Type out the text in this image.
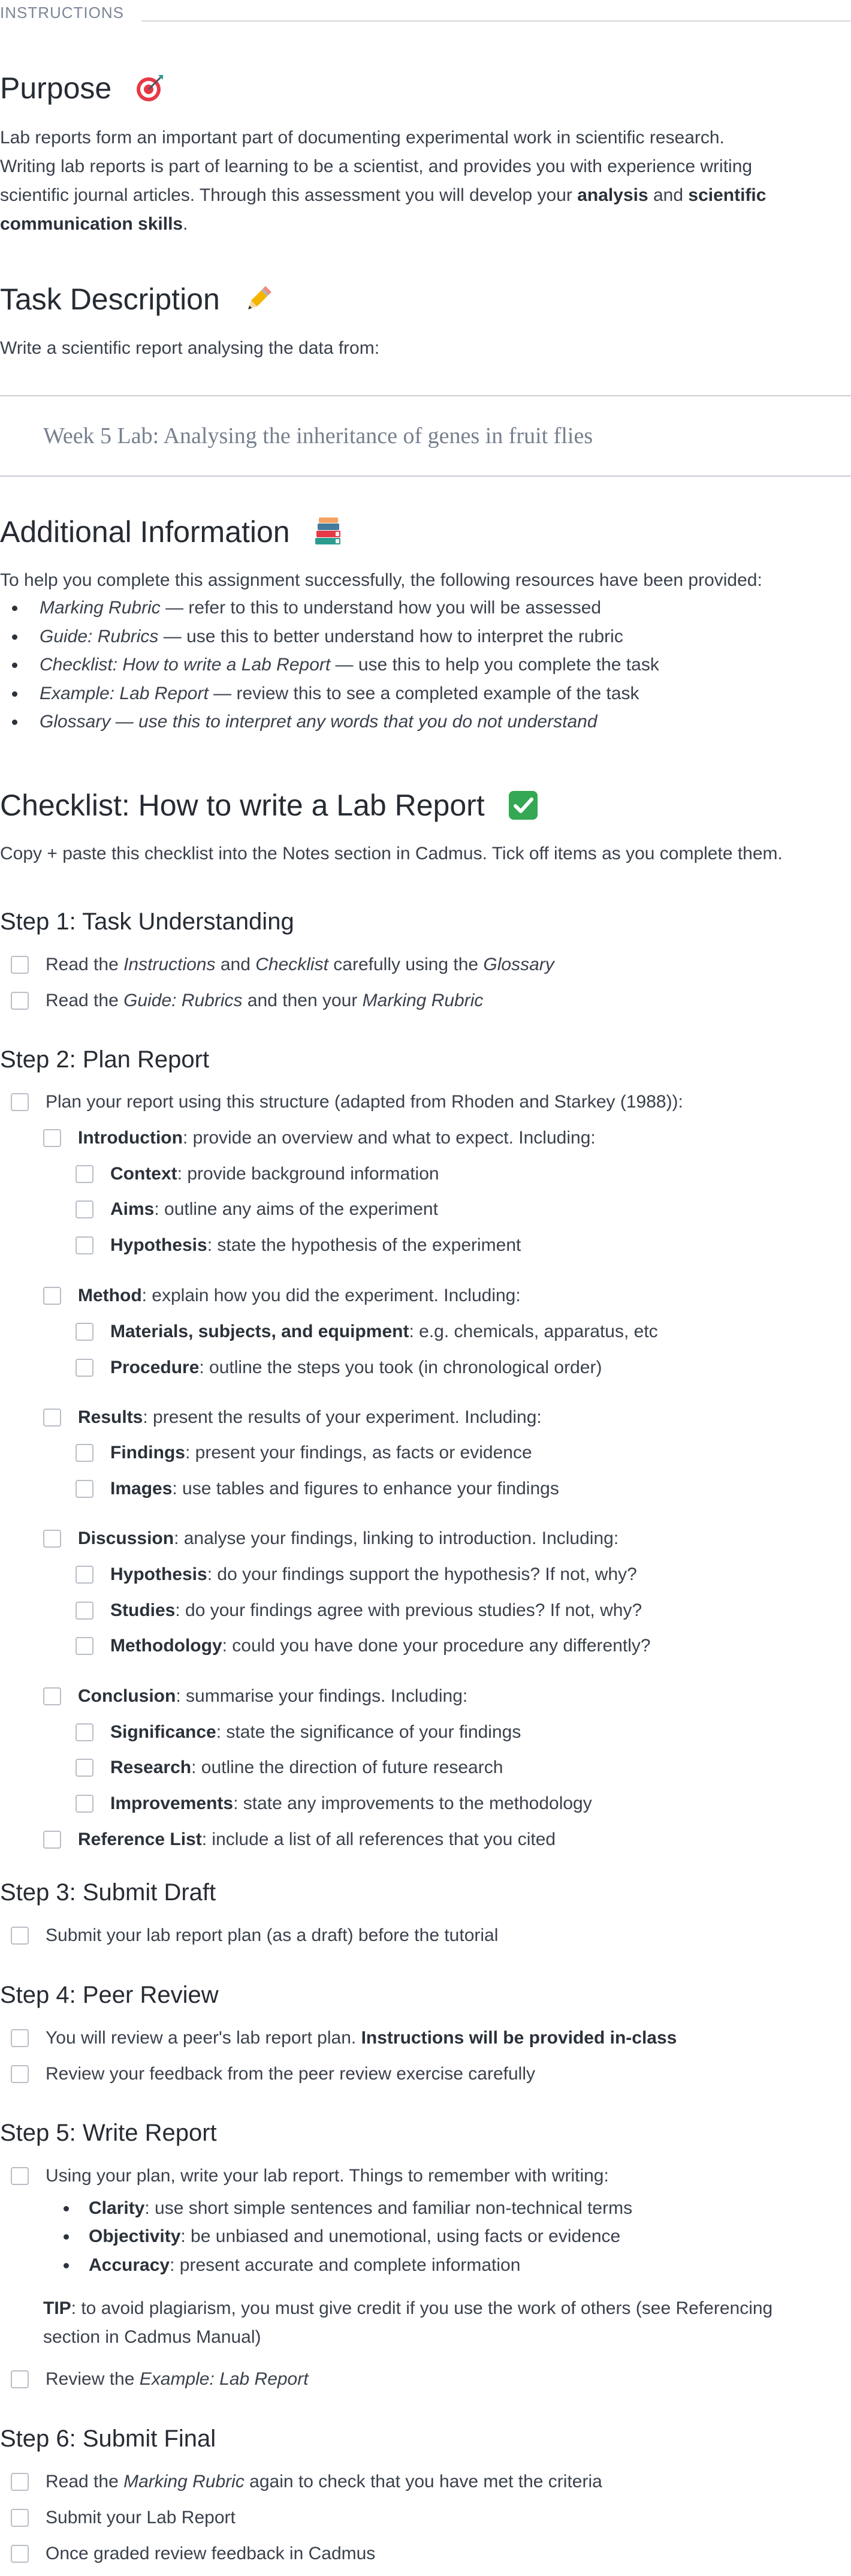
INSTRUCTIONS
Purpose

Lab reports form an important part of documenting experimental work in scientific research.
Writing lab reports is part of learning to be a scientist, and provides you with experience writing
scientific journal articles. Through this assessment you will develop your analysis and scientific
communication skills.

Task Description

Write a scientific report analysing the data from:

Week 5 Lab: Analysing the inheritance of genes in fruit flies
Additional Information

To help you complete this assignment successfully, the following resources have been provided:

Marking Rubric — refer to this to understand how you will be assessed
Guide: Rubrics — use this to better understand how to interpret the rubric
Checklist: How to write a Lab Report — use this to help you complete the task
Example: Lab Report — review this to see a completed example of the task
Glossary — use this to interpret any words that you do not understand
Checklist: How to write a Lab Report

Copy + paste this checklist into the Notes section in Cadmus. Tick off items as you complete them.

Step 1: Task Understanding
Read the Instructions and Checklist carefully using the Glossary
Read the Guide: Rubrics and then your Marking Rubric
Step 2: Plan Report
Plan your report using this structure (adapted from Rhoden and Starkey (1988)):
Introduction: provide an overview and what to expect. Including:
Context: provide background information
Aims: outline any aims of the experiment
Hypothesis: state the hypothesis of the experiment
Method: explain how you did the experiment. Including:
Materials, subjects, and equipment: e.g. chemicals, apparatus, etc
Procedure: outline the steps you took (in chronological order)
Results: present the results of your experiment. Including:
Findings: present your findings, as facts or evidence
Images: use tables and figures to enhance your findings
Discussion: analyse your findings, linking to introduction. Including:
Hypothesis: do your findings support the hypothesis? If not, why?
Studies: do your findings agree with previous studies? If not, why?
Methodology: could you have done your procedure any differently?
Conclusion: summarise your findings. Including:
Significance: state the significance of your findings
Research: outline the direction of future research
Improvements: state any improvements to the methodology
Reference List: include a list of all references that you cited
Step 3: Submit Draft
Submit your lab report plan (as a draft) before the tutorial
Step 4: Peer Review
You will review a peer's lab report plan. Instructions will be provided in-class
Review your feedback from the peer review exercise carefully
Step 5: Write Report
Using your plan, write your lab report. Things to remember with writing:
Clarity: use short simple sentences and familiar non-technical terms
Objectivity: be unbiased and unemotional, using facts or evidence
Accuracy: present accurate and complete information
TIP: to avoid plagiarism, you must give credit if you use the work of others (see Referencing section in Cadmus Manual)
Review the Example: Lab Report
Step 6: Submit Final
Read the Marking Rubric again to check that you have met the criteria
Submit your Lab Report
Once graded review feedback in Cadmus
